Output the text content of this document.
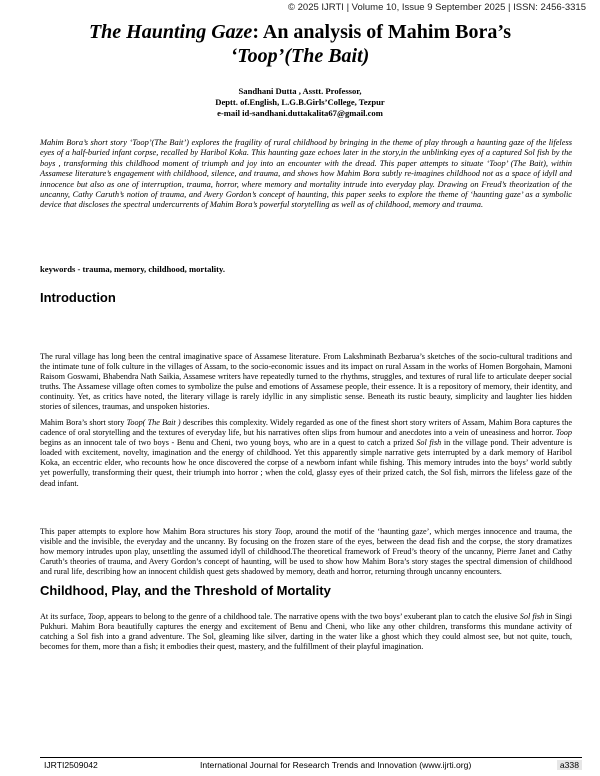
© 2025 IJRTI | Volume 10, Issue 9 September 2025 | ISSN: 2456-3315
The Haunting Gaze: An analysis of Mahim Bora’s
‘Toop’(The Bait)
Sandhani Dutta , Asstt. Professor,
Deptt. of.English, L.G.B.Girls’College, Tezpur
e-mail id-sandhani.duttakalita67@gmail.com

Mahim Bora’s short story ‘Toop’(The Bait’) explores the fragility of rural childhood by bringing in the theme of play through a haunting gaze of the lifeless eyes of a half-buried infant corpse, recalled by Haribol Koka. This haunting gaze echoes later in the story,in the unblinking eyes of a captured Sol fish by the boys , transforming this childhood moment of triumph and joy into an encounter with the dread. This paper attempts to situate ‘Toop’ (The Bait), within Assamese literature’s engagement with childhood, silence, and trauma, and shows how Mahim Bora subtly re-imagines childhood not as a space of idyll and innocence but also as one of interruption, trauma, horror, where memory and mortality intrude into everyday play. Drawing on Freud’s theorization of the uncanny, Cathy Caruth’s notion of trauma, and Avery Gordon’s concept of haunting, this paper seeks to explore the theme of ‘haunting gaze’ as a symbolic device that discloses the spectral undercurrents of Mahim Bora’s powerful storytelling as well as of childhood, memory and trauma.

keywords - trauma, memory, childhood, mortality.

Introduction

The rural village has long been the central imaginative space of Assamese literature. From Lakshminath Bezbarua’s sketches of the socio-cultural traditions and the intimate tune of folk culture in the villages of Assam, to the socio-economic issues and its impact on rural Assam in the works of Homen Borgohain, Mamoni Raisom Goswami, Bhabendra Nath Saikia, Assamese writers have repeatedly turned to the rhythms, struggles, and textures of rural life to articulate deeper social truths. The Assamese village often comes to symbolize the pulse and emotions of Assamese people, their essence. It is a repository of memory, their identity, and continuity. Yet, as critics have noted, the literary village is rarely idyllic in any simplistic sense. Beneath its rustic beauty, simplicity and laughter lies hidden stories of silences, traumas, and unspoken histories.

Mahim Bora’s short story Toop( The Bait ) describes this complexity. Widely regarded as one of the finest short story writers of Assam, Mahim Bora captures the cadence of oral storytelling and the textures of everyday life, but his narratives often slips from humour and anecdotes into a vein of uneasiness and horror. Toop begins as an innocent tale of two boys - Benu and Cheni, two young boys, who are in a quest to catch a prized Sol fish in the village pond. Their adventure is loaded with excitement, novelty, imagination and the energy of childhood. Yet this apparently simple narrative gets interrupted by a dark memory of Haribol Koka, an eccentric elder, who recounts how he once discovered the corpse of a newborn infant while fishing. This memory intrudes into the boys’ world subtly yet powerfully, transforming their quest, their triumph into horror ; when the cold, glassy eyes of their prized catch, the Sol fish, mirrors the lifeless gaze of the dead infant.

This paper attempts to explore how Mahim Bora structures his story Toop, around the motif of the ‘haunting gaze’, which merges innocence and trauma, the visible and the invisible, the everyday and the uncanny. By focusing on the frozen stare of the eyes, between the dead fish and the corpse, the story dramatizes how memory intrudes upon play, unsettling the assumed idyll of childhood.The theoretical framework of Freud’s theory of the uncanny, Pierre Janet and Cathy Caruth’s theories of trauma, and Avery Gordon’s concept of haunting, will be used to show how Mahim Bora’s story stages the spectral dimension of childhood and rural life, describing how an innocent childish quest gets shadowed by memory, death and horror, returning through uncanny encounters.

Childhood, Play, and the Threshold of Mortality

At its surface, Toop, appears to belong to the genre of a childhood tale. The narrative opens with the two boys’ exuberant plan to catch the elusive Sol fish in Singi Pukhuri. Mahim Bora beautifully captures the energy and excitement of Benu and Cheni, who like any other children, transforms this mundane activity of catching a Sol fish into a grand adventure. The Sol, gleaming like silver, darting in the water like a ghost which they could almost see, but not quite, touch, becomes for them, more than a fish; it embodies their quest, mastery, and the fulfillment of their playful imagination.

IJRTI2509042	International Journal for Research Trends and Innovation (www.ijrti.org)	a338
